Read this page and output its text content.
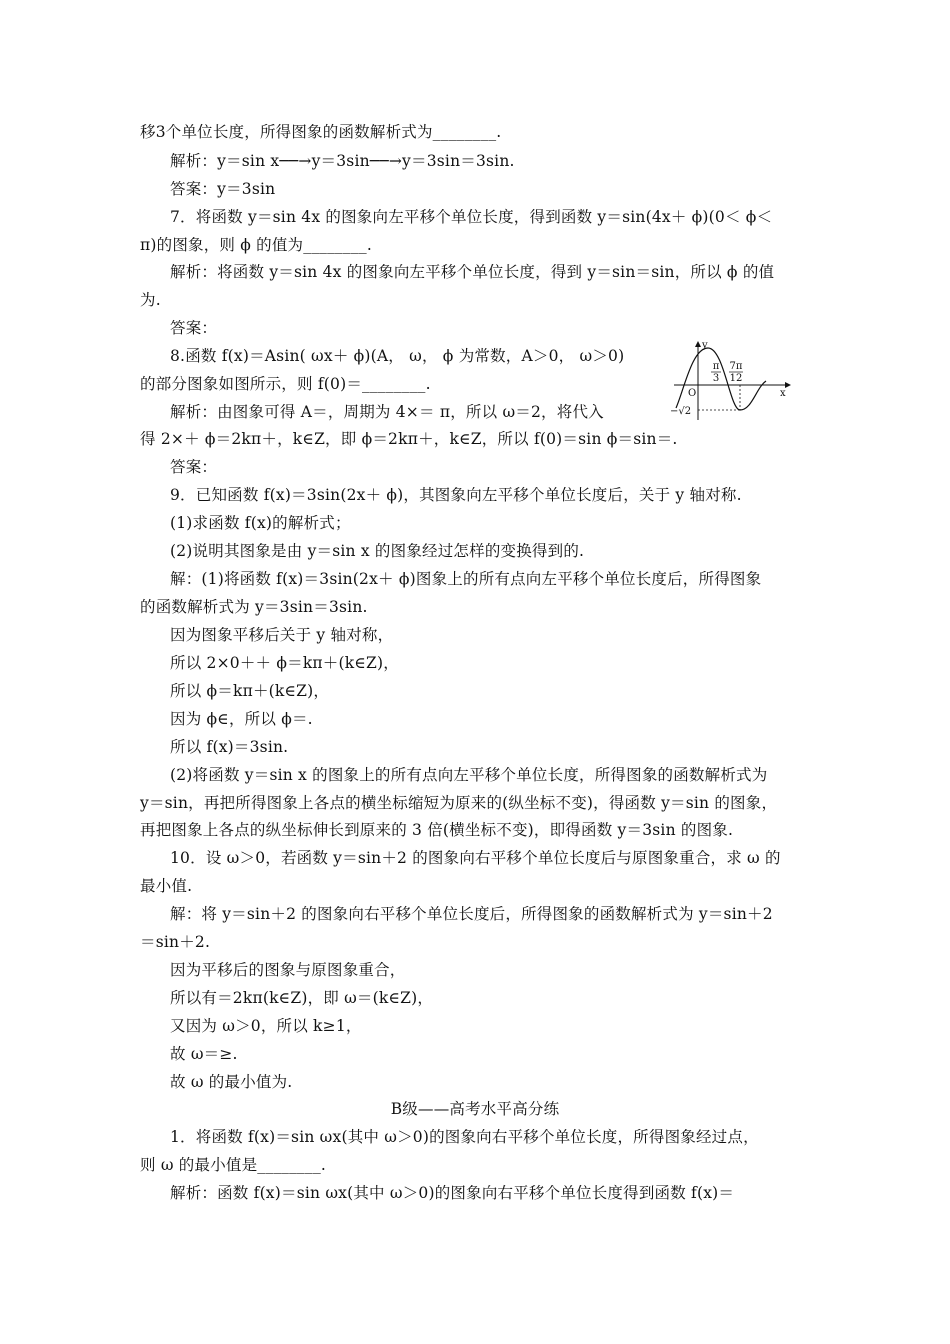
移3个单位长度，所得图象的函数解析式为________.
解析：y＝sin x──→y＝3sin──→y＝3sin＝3sin.
答案：y＝3sin
7．将函数 y＝sin 4x 的图象向左平移个单位长度，得到函数 y＝sin(4x＋ ϕ)(0＜ ϕ＜
π)的图象，则 ϕ 的值为________.
解析：将函数 y＝sin 4x 的图象向左平移个单位长度，得到 y＝sin＝sin，所以 ϕ 的值
为.
答案：
8.函数 f(x)＝Asin( ωx＋ ϕ)(A， ω， ϕ 为常数，A＞0， ω＞0)
的部分图象如图所示，则 f(0)＝________.
解析：由图象可得 A＝，周期为 4×＝ π，所以 ω＝2，将代入
得 2×＋ ϕ＝2kπ＋，k∈Z，即 ϕ＝2kπ＋，k∈Z，所以 f(0)＝sin ϕ＝sin＝.
答案：
9．已知函数 f(x)＝3sin(2x＋ ϕ)，其图象向左平移个单位长度后，关于 y 轴对称.
(1)求函数 f(x)的解析式；
(2)说明其图象是由 y＝sin x 的图象经过怎样的变换得到的.
解：(1)将函数 f(x)＝3sin(2x＋ ϕ)图象上的所有点向左平移个单位长度后，所得图象
的函数解析式为 y＝3sin＝3sin.
因为图象平移后关于 y 轴对称，
所以 2×0＋＋ ϕ＝kπ＋(k∈Z)，
所以 ϕ＝kπ＋(k∈Z)，
因为 ϕ∈，所以 ϕ＝.
所以 f(x)＝3sin.
(2)将函数 y＝sin x 的图象上的所有点向左平移个单位长度，所得图象的函数解析式为
y＝sin，再把所得图象上各点的横坐标缩短为原来的(纵坐标不变)，得函数 y＝sin 的图象，
再把图象上各点的纵坐标伸长到原来的 3 倍(横坐标不变)，即得函数 y＝3sin 的图象.
10．设 ω＞0，若函数 y＝sin＋2 的图象向右平移个单位长度后与原图象重合，求 ω 的
最小值.
解：将 y＝sin＋2 的图象向右平移个单位长度后，所得图象的函数解析式为 y＝sin＋2
＝sin＋2.
因为平移后的图象与原图象重合，
所以有＝2kπ(k∈Z)，即 ω＝(k∈Z)，
又因为 ω＞0，所以 k≥1，
故 ω＝≥.
故 ω 的最小值为.
B级——高考水平高分练
1．将函数 f(x)＝sin ωx(其中 ω＞0)的图象向右平移个单位长度，所得图象经过点，
则 ω 的最小值是________.
解析：函数 f(x)＝sin ωx(其中 ω＞0)的图象向右平移个单位长度得到函数 f(x)＝
y
x
O
π
3
7π
12
−√2
